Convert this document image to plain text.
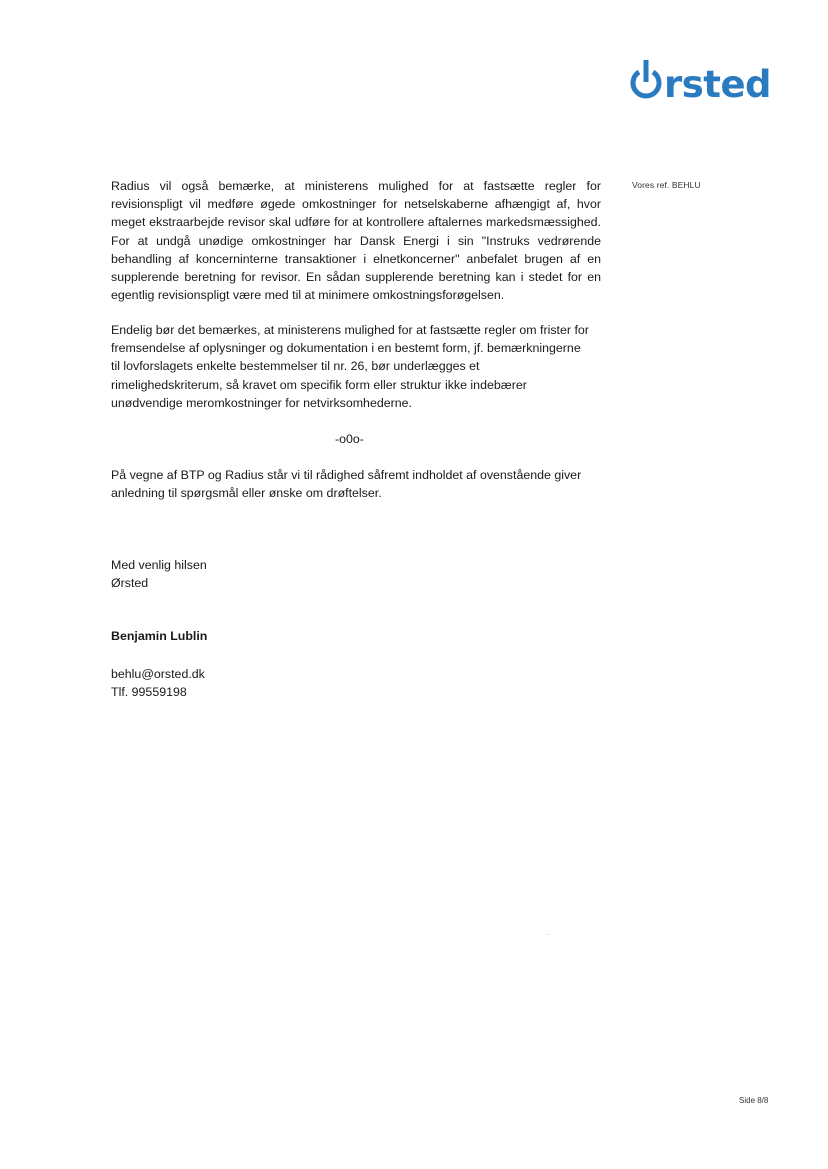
rsted
Vores ref. BEHLU

Radius vil også bemærke, at ministerens mulighed for at fastsætte regler for revisionspligt vil medføre øgede omkostninger for netselskaberne afhængigt af, hvor meget ekstraarbejde revisor skal udføre for at kontrollere aftalernes markedsmæssighed. For at undgå unødige omkostninger har Dansk Energi i sin "Instruks vedrørende behandling af koncerninterne transaktioner i elnetkoncerner" anbefalet brugen af en supplerende beretning for revisor. En sådan supplerende beretning kan i stedet for en egentlig revisionspligt være med til at minimere omkostningsforøgelsen.

Endelig bør det bemærkes, at ministerens mulighed for at fastsætte regler om frister for
fremsendelse af oplysninger og dokumentation i en bestemt form, jf. bemærkningerne
til lovforslagets enkelte bestemmelser til nr. 26, bør underlægges et
rimelighedskriterum, så kravet om specifik form eller struktur ikke indebærer
unødvendige meromkostninger for netvirksomhederne.
-o0o-
På vegne af BTP og Radius står vi til rådighed såfremt indholdet af ovenstående giver
anledning til spørgsmål eller ønske om drøftelser.
Med venlig hilsen
Ørsted
Benjamin Lublin
behlu@orsted.dk
Tlf. 99559198
Side 8/8
